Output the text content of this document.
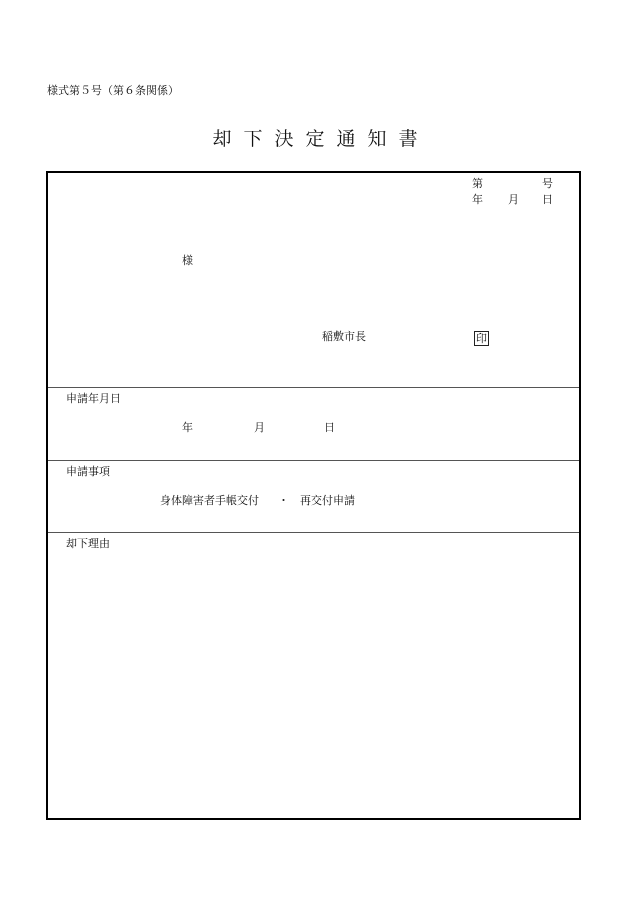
様式第５号（第６条関係）
却下決定通知書
第	号
年 月 日
様
稲敷市長	印
申請年月日
年	月	日
申請事項
身体障害者手帳交付 ・ 再交付申請
却下理由
